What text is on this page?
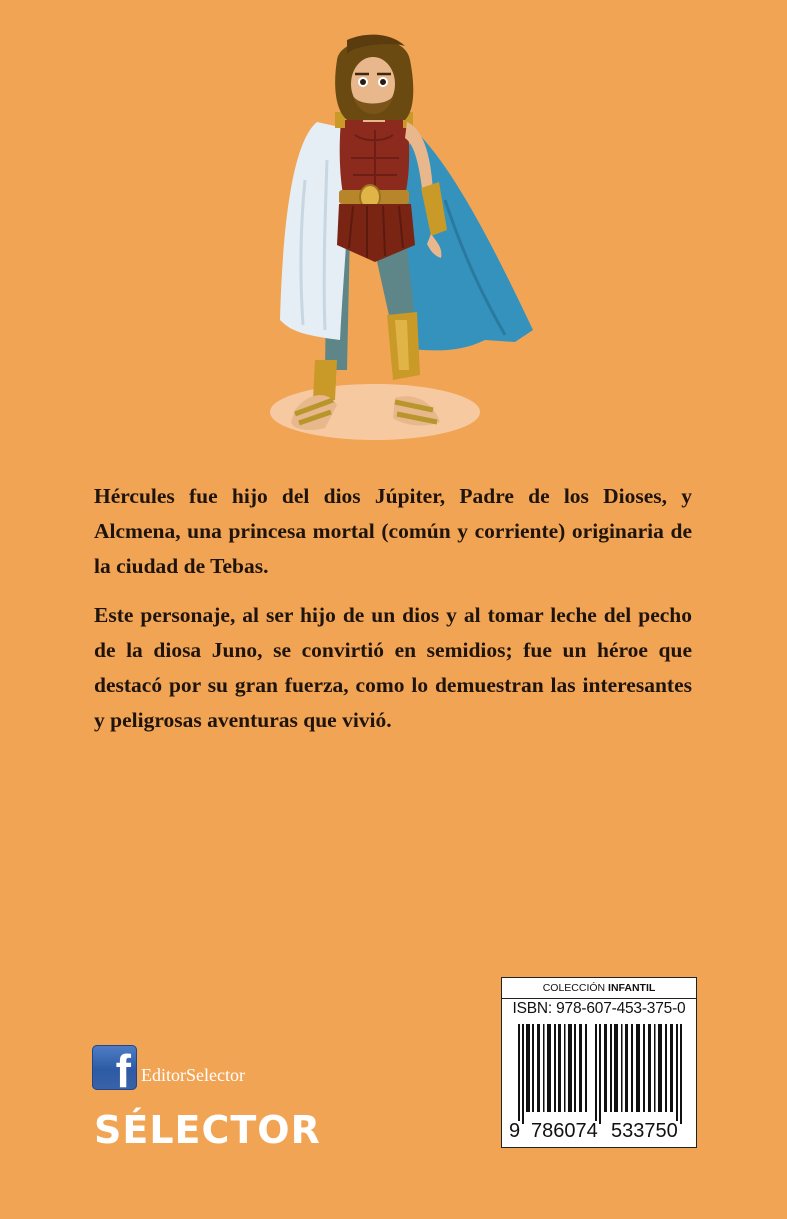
Hércules fue hijo del dios Júpiter, Padre de los Dioses, y Alcmena, una princesa mortal (común y corriente) originaria de la ciudad de Tebas.

Este personaje, al ser hijo de un dios y al tomar leche del pecho de la diosa Juno, se convirtió en semidios; fue un héroe que destacó por su gran fuerza, como lo demuestran las interesantes y peligrosas aventuras que vivió.

f EditorSelector
SÉLECTOR
COLECCIÓN INFANTIL
ISBN: 978-607-453-375-0
9 786074 533750
